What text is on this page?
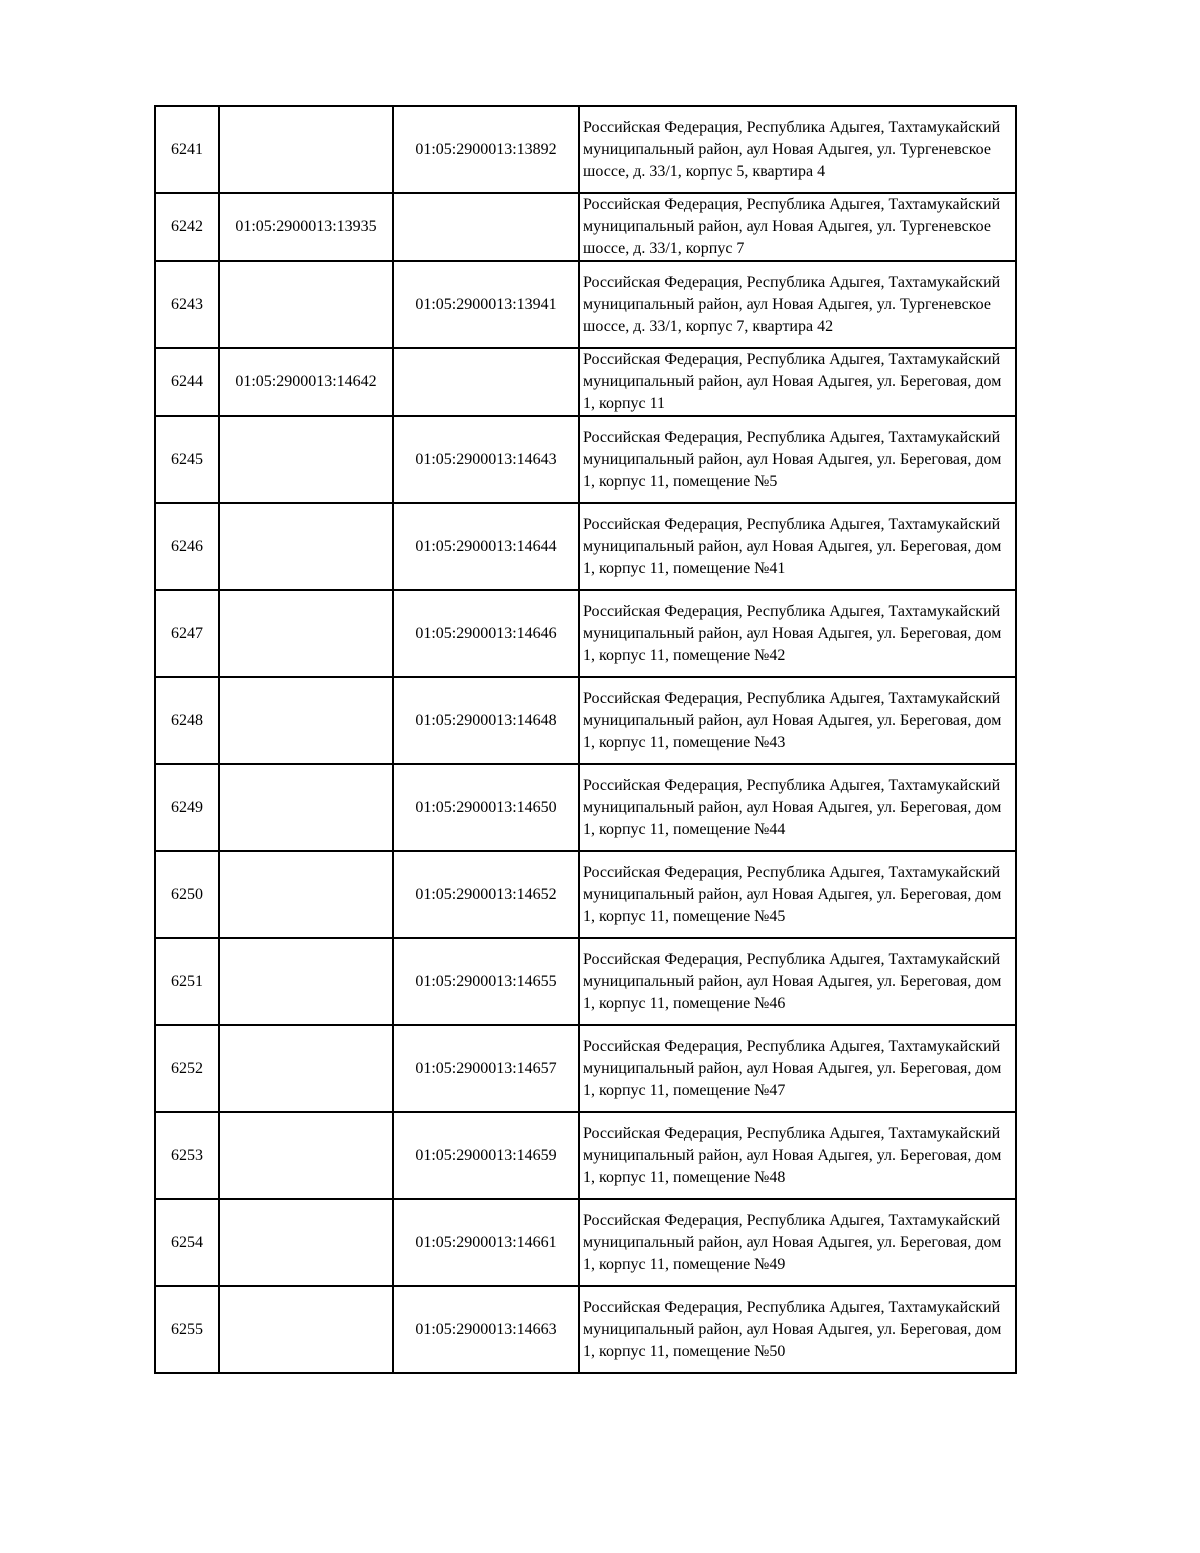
6241		01:05:2900013:13892	Российская Федерация, Республика Адыгея, Тахтамукайский муниципальный район, аул Новая Адыгея, ул. Тургеневское шоссе, д. 33/1, корпус 5, квартира 4
6242	01:05:2900013:13935		Российская Федерация, Республика Адыгея, Тахтамукайский муниципальный район, аул Новая Адыгея, ул. Тургеневское шоссе, д. 33/1, корпус 7
6243		01:05:2900013:13941	Российская Федерация, Республика Адыгея, Тахтамукайский муниципальный район, аул Новая Адыгея, ул. Тургеневское шоссе, д. 33/1, корпус 7, квартира 42
6244	01:05:2900013:14642		Российская Федерация, Республика Адыгея, Тахтамукайский муниципальный район, аул Новая Адыгея, ул. Береговая, дом 1, корпус 11
6245		01:05:2900013:14643	Российская Федерация, Республика Адыгея, Тахтамукайский муниципальный район, аул Новая Адыгея, ул. Береговая, дом 1, корпус 11, помещение №5
6246		01:05:2900013:14644	Российская Федерация, Республика Адыгея, Тахтамукайский муниципальный район, аул Новая Адыгея, ул. Береговая, дом 1, корпус 11, помещение №41
6247		01:05:2900013:14646	Российская Федерация, Республика Адыгея, Тахтамукайский муниципальный район, аул Новая Адыгея, ул. Береговая, дом 1, корпус 11, помещение №42
6248		01:05:2900013:14648	Российская Федерация, Республика Адыгея, Тахтамукайский муниципальный район, аул Новая Адыгея, ул. Береговая, дом 1, корпус 11, помещение №43
6249		01:05:2900013:14650	Российская Федерация, Республика Адыгея, Тахтамукайский муниципальный район, аул Новая Адыгея, ул. Береговая, дом 1, корпус 11, помещение №44
6250		01:05:2900013:14652	Российская Федерация, Республика Адыгея, Тахтамукайский муниципальный район, аул Новая Адыгея, ул. Береговая, дом 1, корпус 11, помещение №45
6251		01:05:2900013:14655	Российская Федерация, Республика Адыгея, Тахтамукайский муниципальный район, аул Новая Адыгея, ул. Береговая, дом 1, корпус 11, помещение №46
6252		01:05:2900013:14657	Российская Федерация, Республика Адыгея, Тахтамукайский муниципальный район, аул Новая Адыгея, ул. Береговая, дом 1, корпус 11, помещение №47
6253		01:05:2900013:14659	Российская Федерация, Республика Адыгея, Тахтамукайский муниципальный район, аул Новая Адыгея, ул. Береговая, дом 1, корпус 11, помещение №48
6254		01:05:2900013:14661	Российская Федерация, Республика Адыгея, Тахтамукайский муниципальный район, аул Новая Адыгея, ул. Береговая, дом 1, корпус 11, помещение №49
6255		01:05:2900013:14663	Российская Федерация, Республика Адыгея, Тахтамукайский муниципальный район, аул Новая Адыгея, ул. Береговая, дом 1, корпус 11, помещение №50
